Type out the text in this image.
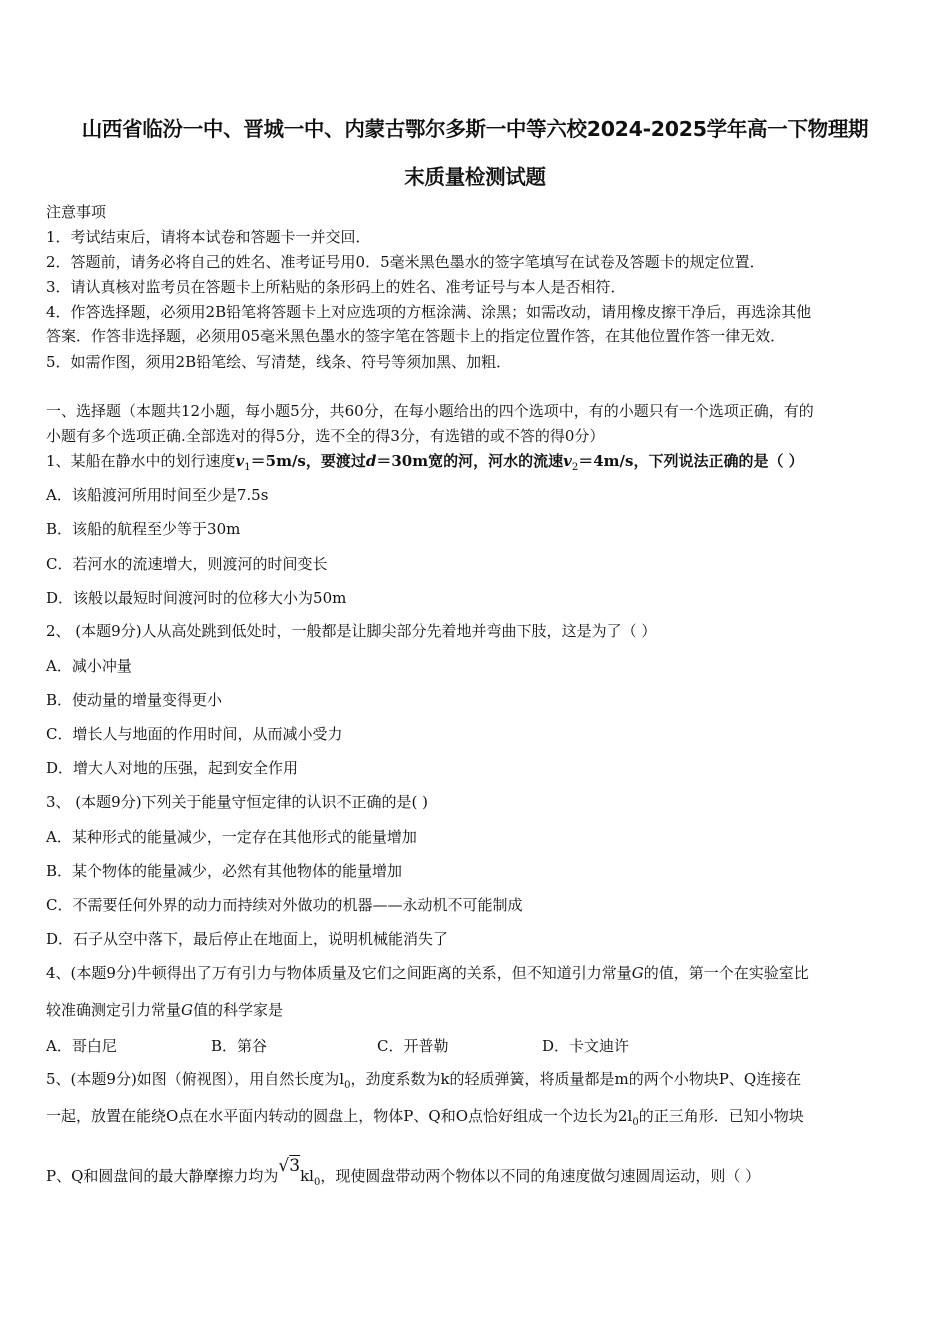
山西省临汾一中、晋城一中、内蒙古鄂尔多斯一中等六校2024-2025学年高一下物理期
末质量检测试题
注意事项
1．考试结束后，请将本试卷和答题卡一并交回．
2．答题前，请务必将自己的姓名、准考证号用0．5毫米黑色墨水的签字笔填写在试卷及答题卡的规定位置．
3．请认真核对监考员在答题卡上所粘贴的条形码上的姓名、准考证号与本人是否相符．
4．作答选择题，必须用2B铅笔将答题卡上对应选项的方框涂满、涂黑；如需改动，请用橡皮擦干净后，再选涂其他
答案．作答非选择题，必须用05毫米黑色墨水的签字笔在答题卡上的指定位置作答，在其他位置作答一律无效．
5．如需作图，须用2B铅笔绘、写清楚，线条、符号等须加黑、加粗．
一、选择题（本题共12小题，每小题5分，共60分，在每小题给出的四个选项中，有的小题只有一个选项正确，有的
小题有多个选项正确.全部选对的得5分，选不全的得3分，有选错的或不答的得0分）
1、某船在静水中的划行速度$v_1=5m/s$，要渡过d＝30m宽的河，河水的流速$v_2=4m/s$，下列说法正确的是（ ）
A．该船渡河所用时间至少是7.5s
B．该船的航程至少等于30m
C．若河水的流速增大，则渡河的时间变长
D．该般以最短时间渡河时的位移大小为50m
2、 (本题9分)人从高处跳到低处时，一般都是让脚尖部分先着地并弯曲下肢，这是为了（ ）
A．减小冲量
B．使动量的增量变得更小
C．增长人与地面的作用时间，从而减小受力
D．增大人对地的压强，起到安全作用
3、 (本题9分)下列关于能量守恒定律的认识不正确的是( )
A．某种形式的能量减少，一定存在其他形式的能量增加
B．某个物体的能量减少，必然有其他物体的能量增加
C．不需要任何外界的动力而持续对外做功的机器——永动机不可能制成
D．石子从空中落下，最后停止在地面上，说明机械能消失了
4、(本题9分)牛顿得出了万有引力与物体质量及它们之间距离的关系，但不知道引力常量G的值，第一个在实验室比
较准确测定引力常量G值的科学家是
A．哥白尼	B．第谷	C．开普勒	D．卡文迪许
5、(本题9分)如图（俯视图），用自然长度为$l_0$，劲度系数为k的轻质弹簧，将质量都是m的两个小物块P、Q连接在
一起，放置在能绕O点在水平面内转动的圆盘上，物体P、Q和O点恰好组成一个边长为$2l_0$的正三角形．已知小物块
P、Q和圆盘间的最大静摩擦力均为$√3kl_0$，现使圆盘带动两个物体以不同的角速度做匀速圆周运动，则（ ）
